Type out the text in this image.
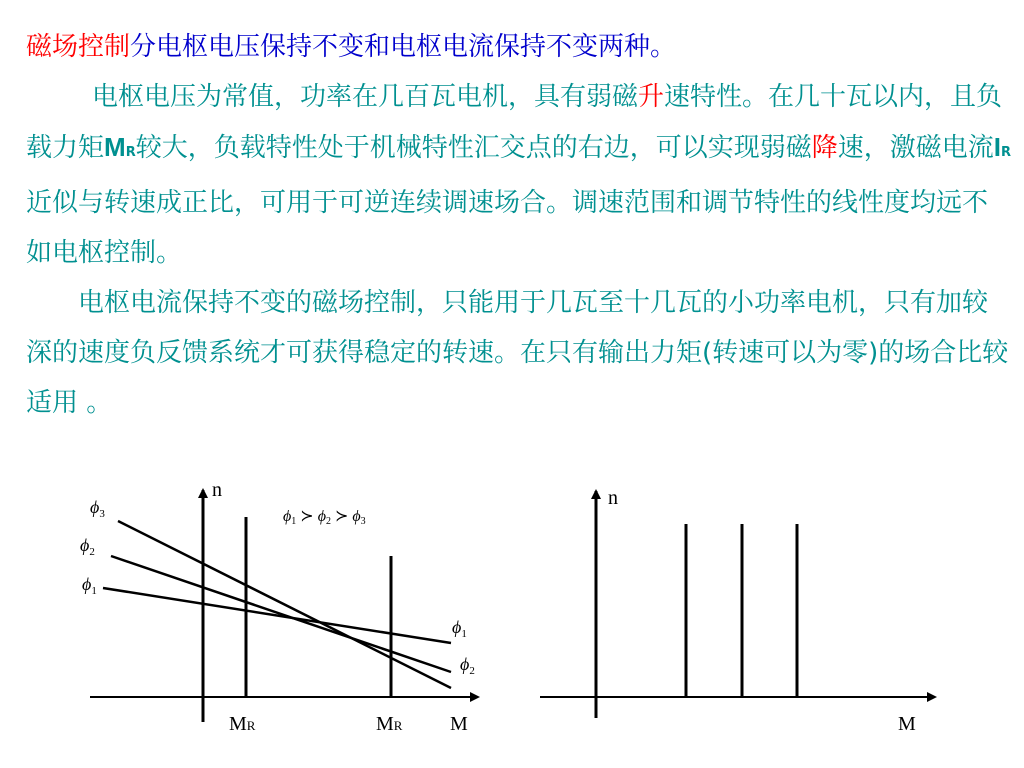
磁场控制分电枢电压保持不变和电枢电流保持不变两种。

电枢电压为常值，功率在几百瓦电机，具有弱磁升速特性。在几十瓦以内，且负载力矩MR较大，负载特性处于机械特性汇交点的右边，可以实现弱磁降速，激磁电流IR近似与转速成正比，可用于可逆连续调速场合。调速范围和调节特性的线性度均远不如电枢控制。

电枢电流保持不变的磁场控制，只能用于几瓦至十几瓦的小功率电机，只有加较深的速度负反馈系统才可获得稳定的转速。在只有输出力矩(转速可以为零)的场合比较适用 。

n
M
MR	MR
$\phi_3$
$\phi_2$
$\phi_1$
$\phi_1$
$\phi_2$
ϕ1 ≻ ϕ2 ≻ ϕ3
n
M
